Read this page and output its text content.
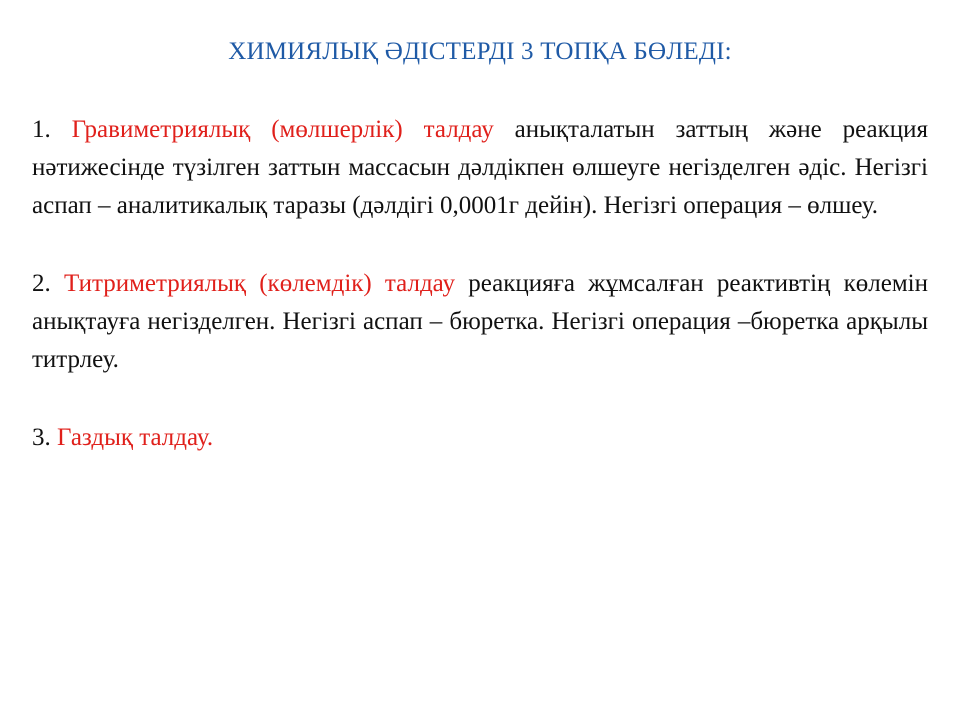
ХИМИЯЛЫҚ ӘДІСТЕРДІ 3 ТОПҚА БӨЛЕДІ:

1. Гравиметриялық (мөлшерлік) талдау анықталатын заттың және реакция нәтижесінде түзілген заттын массасын дәлдікпен өлшеуге негізделген әдіс. Негізгі аспап – аналитикалық таразы (дәлдігі 0,0001г дейін). Негізгі операция – өлшеу.

2. Титриметриялық (көлемдік) талдау реакцияға жұмсалған реактивтің көлемін анықтауға негізделген. Негізгі аспап – бюретка. Негізгі операция –бюретка арқылы титрлеу.

3. Газдық талдау.
